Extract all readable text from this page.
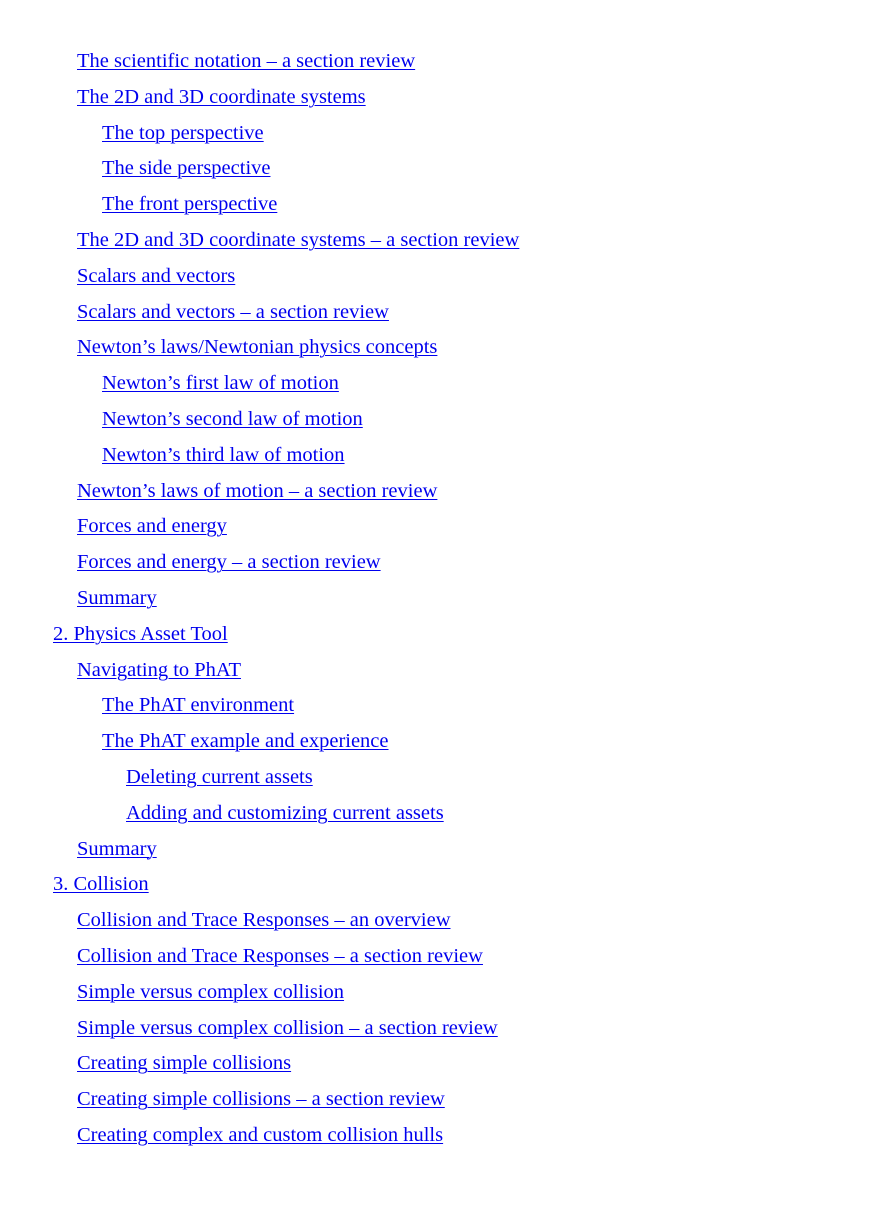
The scientific notation – a section review
The 2D and 3D coordinate systems
The top perspective
The side perspective
The front perspective
The 2D and 3D coordinate systems – a section review
Scalars and vectors
Scalars and vectors – a section review
Newton’s laws/Newtonian physics concepts
Newton’s first law of motion
Newton’s second law of motion
Newton’s third law of motion
Newton’s laws of motion – a section review
Forces and energy
Forces and energy – a section review
Summary
2. Physics Asset Tool
Navigating to PhAT
The PhAT environment
The PhAT example and experience
Deleting current assets
Adding and customizing current assets
Summary
3. Collision
Collision and Trace Responses – an overview
Collision and Trace Responses – a section review
Simple versus complex collision
Simple versus complex collision – a section review
Creating simple collisions
Creating simple collisions – a section review
Creating complex and custom collision hulls
